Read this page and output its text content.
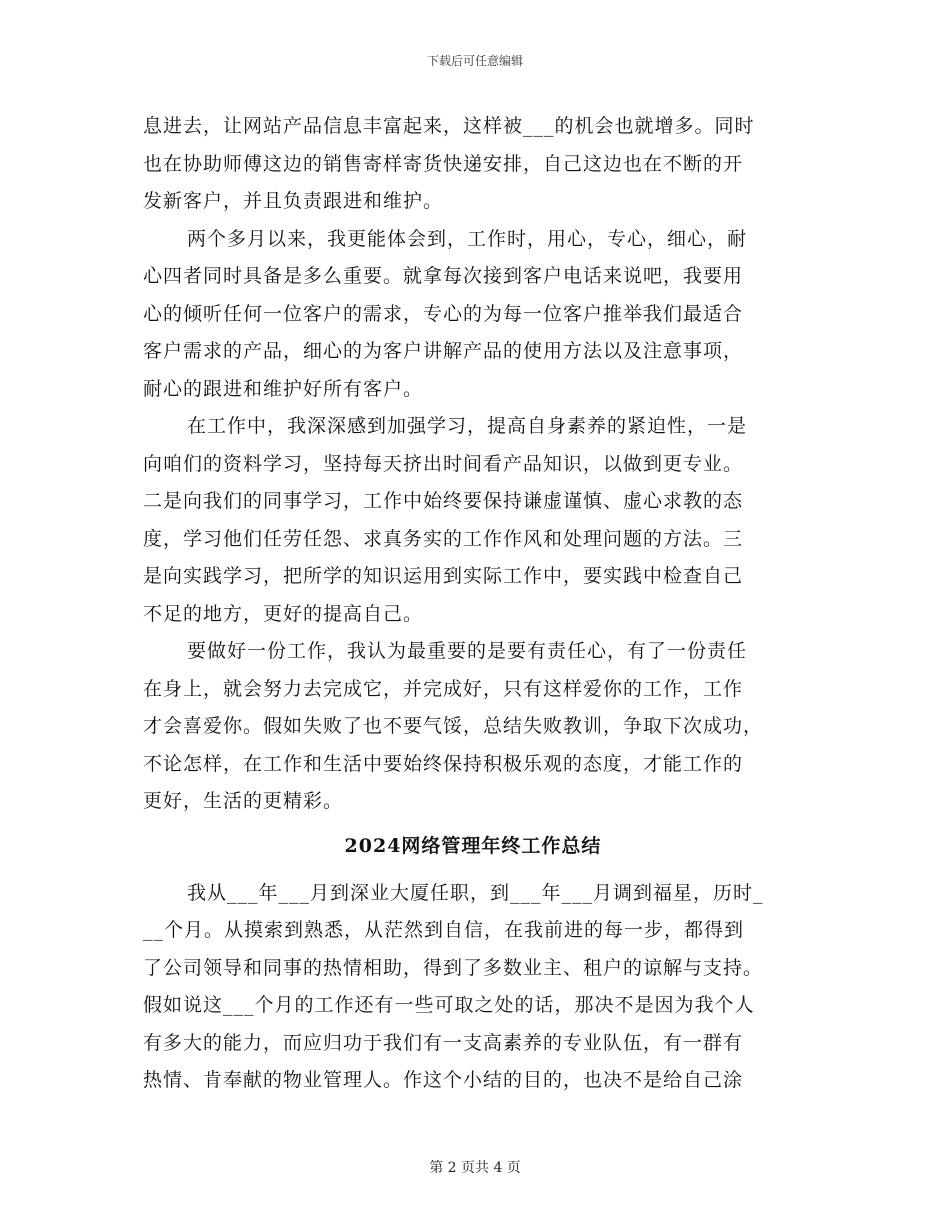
下载后可任意编辑
息进去，让网站产品信息丰富起来，这样被___的机会也就增多。同时
也在协助师傅这边的销售寄样寄货快递安排，自己这边也在不断的开
发新客户，并且负责跟进和维护。
两个多月以来，我更能体会到，工作时，用心，专心，细心，耐
心四者同时具备是多么重要。就拿每次接到客户电话来说吧，我要用
心的倾听任何一位客户的需求，专心的为每一位客户推举我们最适合
客户需求的产品，细心的为客户讲解产品的使用方法以及注意事项，
耐心的跟进和维护好所有客户。
在工作中，我深深感到加强学习，提高自身素养的紧迫性，一是
向咱们的资料学习，坚持每天挤出时间看产品知识，以做到更专业。
二是向我们的同事学习，工作中始终要保持谦虚谨慎、虚心求教的态
度，学习他们任劳任怨、求真务实的工作作风和处理问题的方法。三
是向实践学习，把所学的知识运用到实际工作中，要实践中检查自己
不足的地方，更好的提高自己。
要做好一份工作，我认为最重要的是要有责任心，有了一份责任
在身上，就会努力去完成它，并完成好，只有这样爱你的工作，工作
才会喜爱你。假如失败了也不要气馁，总结失败教训，争取下次成功，
不论怎样，在工作和生活中要始终保持积极乐观的态度，才能工作的
更好，生活的更精彩。
2024网络管理年终工作总结
我从___年___月到深业大厦任职，到___年___月调到福星，历时_
__个月。从摸索到熟悉，从茫然到自信，在我前进的每一步，都得到
了公司领导和同事的热情相助，得到了多数业主、租户的谅解与支持。
假如说这___个月的工作还有一些可取之处的话，那决不是因为我个人
有多大的能力，而应归功于我们有一支高素养的专业队伍，有一群有
热情、肯奉献的物业管理人。作这个小结的目的，也决不是给自己涂
第 2 页共 4 页
